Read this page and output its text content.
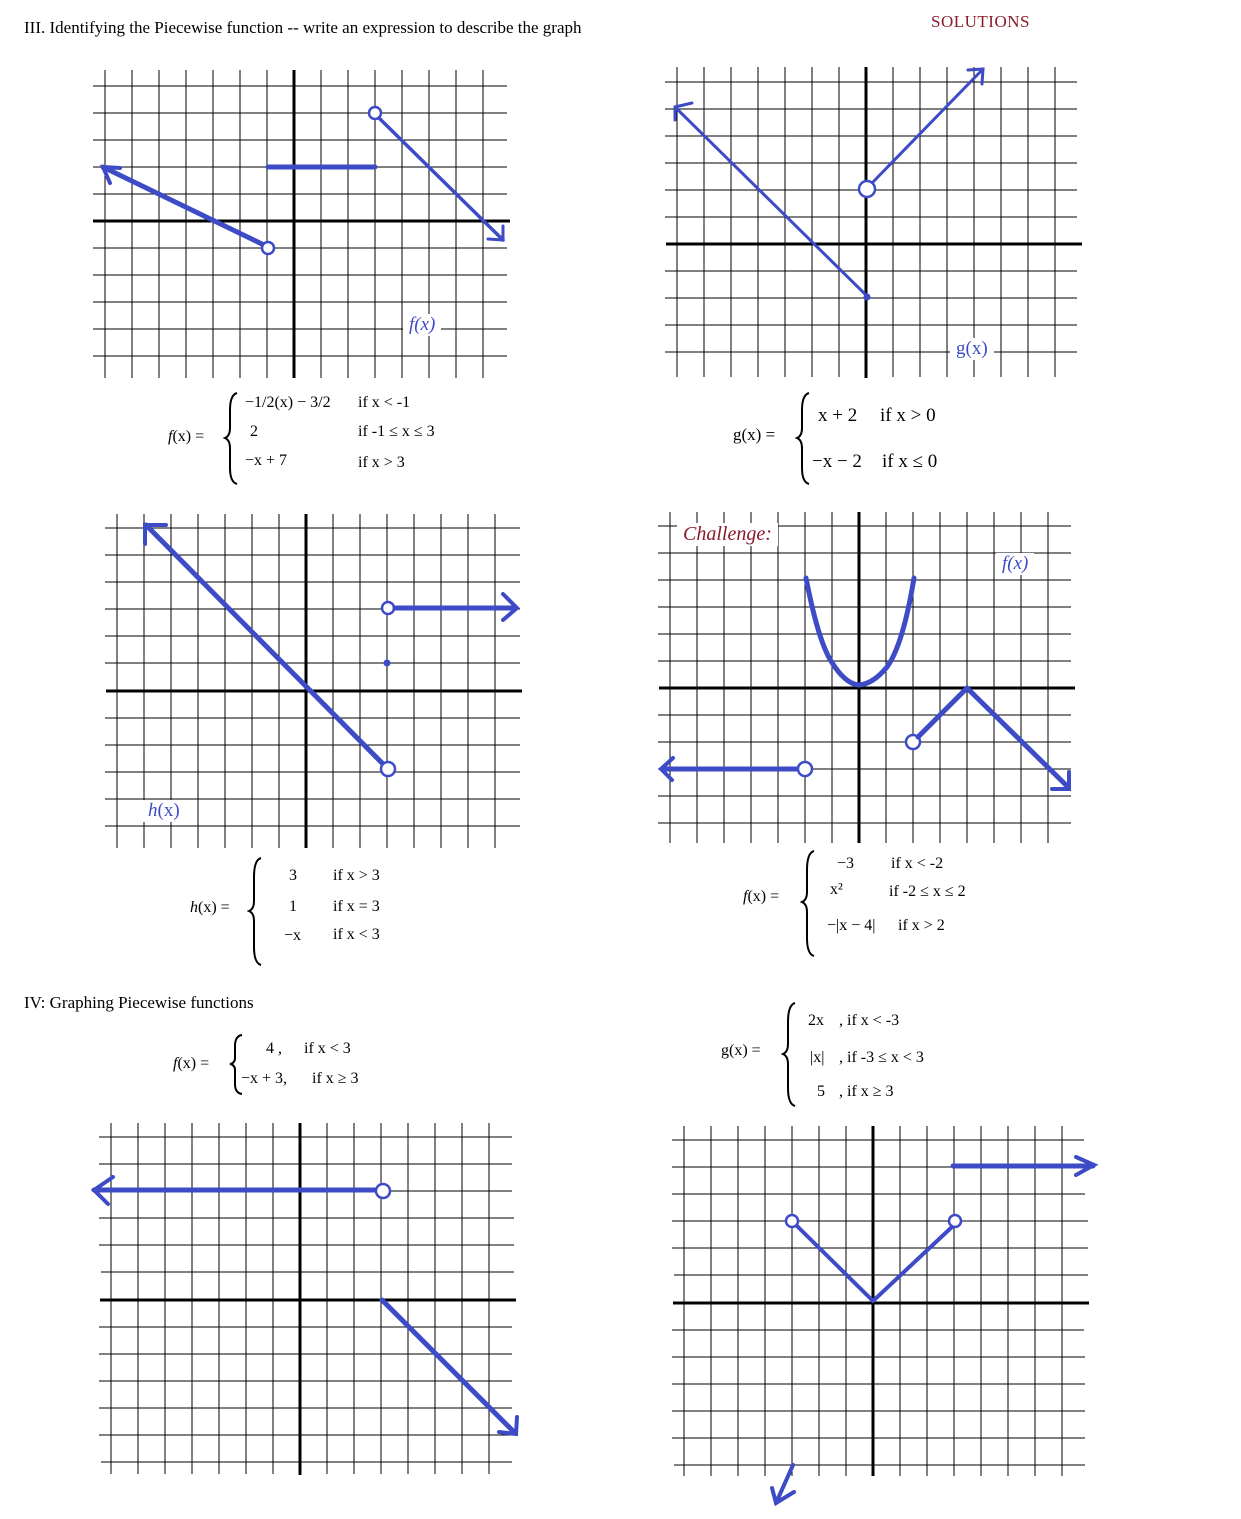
III. Identifying the Piecewise function -- write an expression to describe the graph	SOLUTIONS
f(x)
f(x) =
−1/2(x) − 3/2 if x < -1
2	if -1 ≤ x ≤ 3
−x + 7	if x > 3
g(x)
g(x) =
x + 2 if x > 0
−x − 2 if x ≤ 0
h(x)
h(x) =
3 if x > 3
1 if x = 3
−x if x < 3
Challenge:
f(x)
f(x) =
−3 if x < -2
x²	if -2 ≤ x ≤ 2
−|x − 4| if x > 2
IV: Graphing Piecewise functions
f(x) =
4 , if x < 3
−x + 3, if x ≥ 3
g(x) =
2x , if x < -3
|x| , if -3 ≤ x < 3
5 , if x ≥ 3
